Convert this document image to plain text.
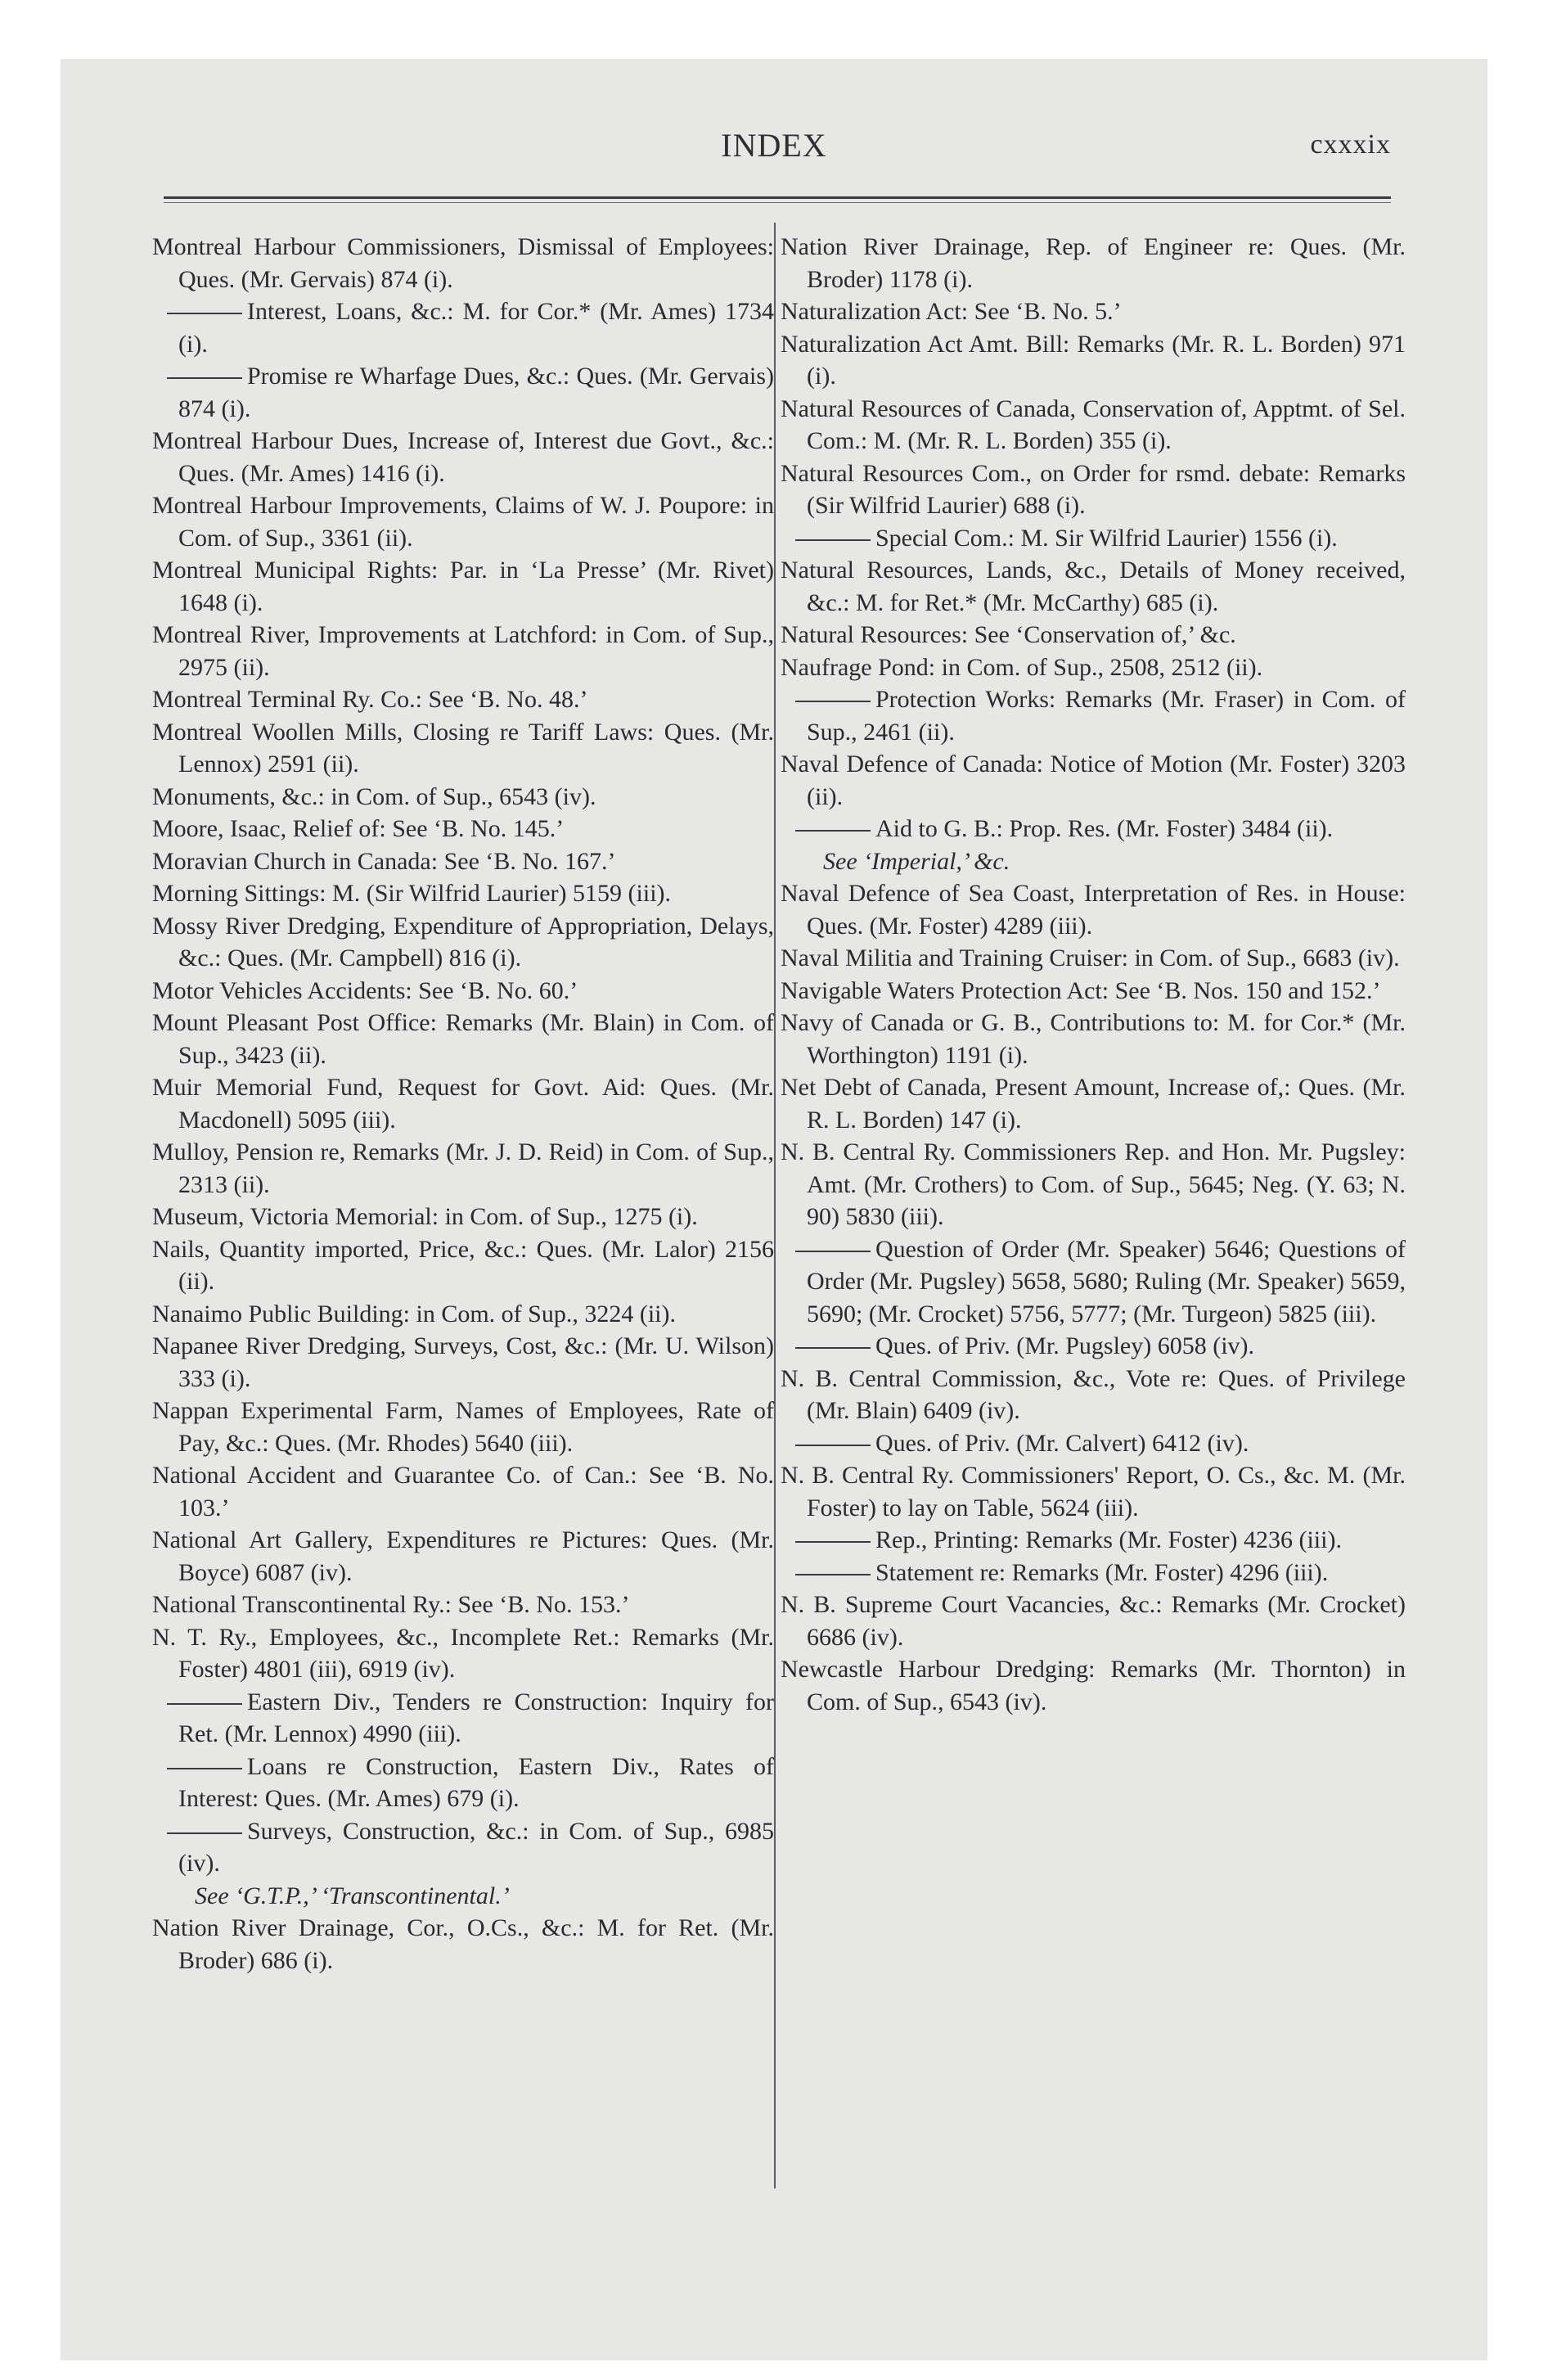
INDEX	cxxxix

Montreal Harbour Commissioners, Dismissal of Employees: Ques. (Mr. Gervais) 874 (i).

Interest, Loans, &c.: M. for Cor.* (Mr. Ames) 1734 (i).

Promise re Wharfage Dues, &c.: Ques. (Mr. Gervais) 874 (i).

Montreal Harbour Dues, Increase of, Interest due Govt., &c.: Ques. (Mr. Ames) 1416 (i).

Montreal Harbour Improvements, Claims of W. J. Poupore: in Com. of Sup., 3361 (ii).

Montreal Municipal Rights: Par. in ‘La Presse’ (Mr. Rivet) 1648 (i).

Montreal River, Improvements at Latchford: in Com. of Sup., 2975 (ii).

Montreal Terminal Ry. Co.: See ‘B. No. 48.’

Montreal Woollen Mills, Closing re Tariff Laws: Ques. (Mr. Lennox) 2591 (ii).

Monuments, &c.: in Com. of Sup., 6543 (iv).

Moore, Isaac, Relief of: See ‘B. No. 145.’

Moravian Church in Canada: See ‘B. No. 167.’

Morning Sittings: M. (Sir Wilfrid Laurier) 5159 (iii).

Mossy River Dredging, Expenditure of Appropriation, Delays, &c.: Ques. (Mr. Campbell) 816 (i).

Motor Vehicles Accidents: See ‘B. No. 60.’

Mount Pleasant Post Office: Remarks (Mr. Blain) in Com. of Sup., 3423 (ii).

Muir Memorial Fund, Request for Govt. Aid: Ques. (Mr. Macdonell) 5095 (iii).

Mulloy, Pension re, Remarks (Mr. J. D. Reid) in Com. of Sup., 2313 (ii).

Museum, Victoria Memorial: in Com. of Sup., 1275 (i).

Nails, Quantity imported, Price, &c.: Ques. (Mr. Lalor) 2156 (ii).

Nanaimo Public Building: in Com. of Sup., 3224 (ii).

Napanee River Dredging, Surveys, Cost, &c.: (Mr. U. Wilson) 333 (i).

Nappan Experimental Farm, Names of Employees, Rate of Pay, &c.: Ques. (Mr. Rhodes) 5640 (iii).

National Accident and Guarantee Co. of Can.: See ‘B. No. 103.’

National Art Gallery, Expenditures re Pictures: Ques. (Mr. Boyce) 6087 (iv).

National Transcontinental Ry.: See ‘B. No. 153.’

N. T. Ry., Employees, &c., Incomplete Ret.: Remarks (Mr. Foster) 4801 (iii), 6919 (iv).

Eastern Div., Tenders re Construction: Inquiry for Ret. (Mr. Lennox) 4990 (iii).

Loans re Construction, Eastern Div., Rates of Interest: Ques. (Mr. Ames) 679 (i).

Surveys, Construction, &c.: in Com. of Sup., 6985 (iv).

See ‘G.T.P.,’ ‘Transcontinental.’

Nation River Drainage, Cor., O.Cs., &c.: M. for Ret. (Mr. Broder) 686 (i).

Nation River Drainage, Rep. of Engineer re: Ques. (Mr. Broder) 1178 (i).

Naturalization Act: See ‘B. No. 5.’

Naturalization Act Amt. Bill: Remarks (Mr. R. L. Borden) 971 (i).

Natural Resources of Canada, Conservation of, Apptmt. of Sel. Com.: M. (Mr. R. L. Borden) 355 (i).

Natural Resources Com., on Order for rsmd. debate: Remarks (Sir Wilfrid Laurier) 688 (i).

Special Com.: M. Sir Wilfrid Laurier) 1556 (i).

Natural Resources, Lands, &c., Details of Money received, &c.: M. for Ret.* (Mr. McCarthy) 685 (i).

Natural Resources: See ‘Conservation of,’ &c.

Naufrage Pond: in Com. of Sup., 2508, 2512 (ii).

Protection Works: Remarks (Mr. Fraser) in Com. of Sup., 2461 (ii).

Naval Defence of Canada: Notice of Motion (Mr. Foster) 3203 (ii).

Aid to G. B.: Prop. Res. (Mr. Foster) 3484 (ii).

See ‘Imperial,’ &c.

Naval Defence of Sea Coast, Interpretation of Res. in House: Ques. (Mr. Foster) 4289 (iii).

Naval Militia and Training Cruiser: in Com. of Sup., 6683 (iv).

Navigable Waters Protection Act: See ‘B. Nos. 150 and 152.’

Navy of Canada or G. B., Contributions to: M. for Cor.* (Mr. Worthington) 1191 (i).

Net Debt of Canada, Present Amount, Increase of,: Ques. (Mr. R. L. Borden) 147 (i).

N. B. Central Ry. Commissioners Rep. and Hon. Mr. Pugsley: Amt. (Mr. Crothers) to Com. of Sup., 5645; Neg. (Y. 63; N. 90) 5830 (iii).

Question of Order (Mr. Speaker) 5646; Questions of Order (Mr. Pugsley) 5658, 5680; Ruling (Mr. Speaker) 5659, 5690; (Mr. Crocket) 5756, 5777; (Mr. Turgeon) 5825 (iii).

Ques. of Priv. (Mr. Pugsley) 6058 (iv).

N. B. Central Commission, &c., Vote re: Ques. of Privilege (Mr. Blain) 6409 (iv).

Ques. of Priv. (Mr. Calvert) 6412 (iv).

N. B. Central Ry. Commissioners' Report, O. Cs., &c. M. (Mr. Foster) to lay on Table, 5624 (iii).

Rep., Printing: Remarks (Mr. Foster) 4236 (iii).

Statement re: Remarks (Mr. Foster) 4296 (iii).

N. B. Supreme Court Vacancies, &c.: Remarks (Mr. Crocket) 6686 (iv).

Newcastle Harbour Dredging: Remarks (Mr. Thornton) in Com. of Sup., 6543 (iv).
